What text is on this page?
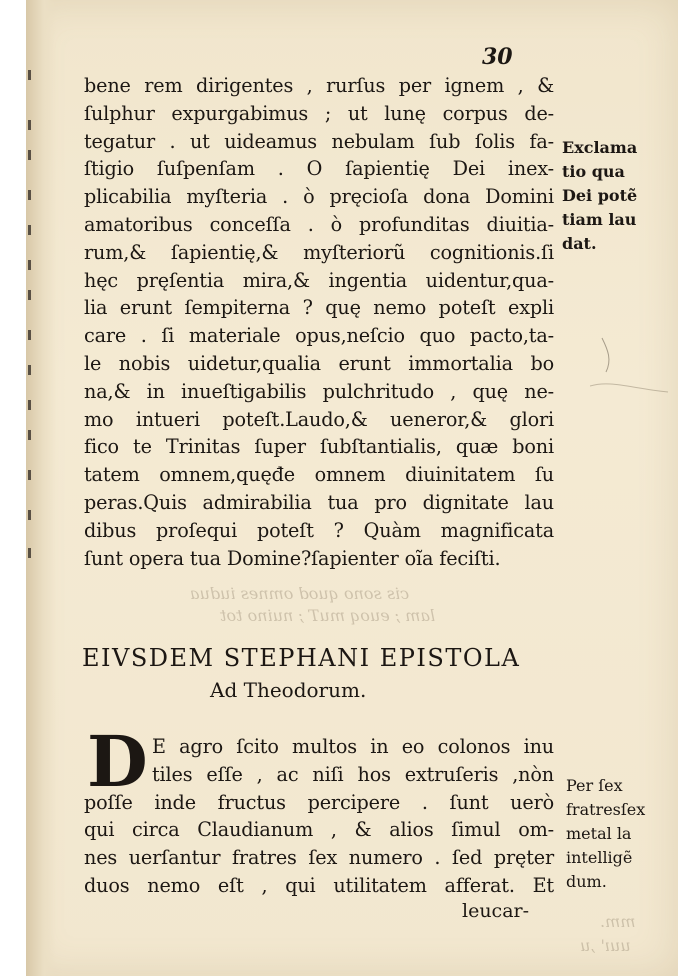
30
cis sono quod omnes iudua
lam ; euoq muT ; nuino tot
mm.
uuı' ,u
bene rem dirigentes , rurſus per ignem , &
ſulphur expurgabimus ; ut lunę corpus de-
tegatur . ut uideamus nebulam ſub ſolis fa-
ſtigio ſuſpenſam . O ſapientię Dei inex-
plicabilia myſteria . ò pręcioſa dona Domini
amatoribus conceſſa . ò profunditas diuitia-
rum,& ſapientię,& myſteriorũ cognitionis.ſi
hęc pręſentia mira,& ingentia uidentur,qua-
lia erunt ſempiterna ? quę nemo poteſt expli
care . ſi materiale opus,neſcio quo pacto,ta-
le nobis uidetur,qualia erunt immortalia bo
na,& in inueſtigabilis pulchritudo , quę ne-
mo intueri poteſt.Laudo,& ueneror,& glori
fico te Trinitas ſuper ſubſtantialis, quæ boni
tatem omnem,quęđe omnem diuinitatem ſu
peras.Quis admirabilia tua pro dignitate lau
dibus proſequi poteſt ? Quàm magnificata
ſunt opera tua Domine?ſapienter oĩa feciſti.
Exclama
tio qua
Dei potẽ
tiam lau
dat.
EIVSDEM STEPHANI EPISTOLA
Ad Theodorum.
D E agro ſcito multos in eo colonos inu
tiles eſſe , ac niſi hos extruſeris ,nòn
poſſe inde fructus percipere . ſunt uerò
qui circa Claudianum , & alios ſimul om-
nes uerſantur fratres ſex numero . ſed pręter
duos nemo eſt , qui utilitatem afferat. Et
Per ſex
fratresſex
metal la
intelligẽ
dum.
leucar-
